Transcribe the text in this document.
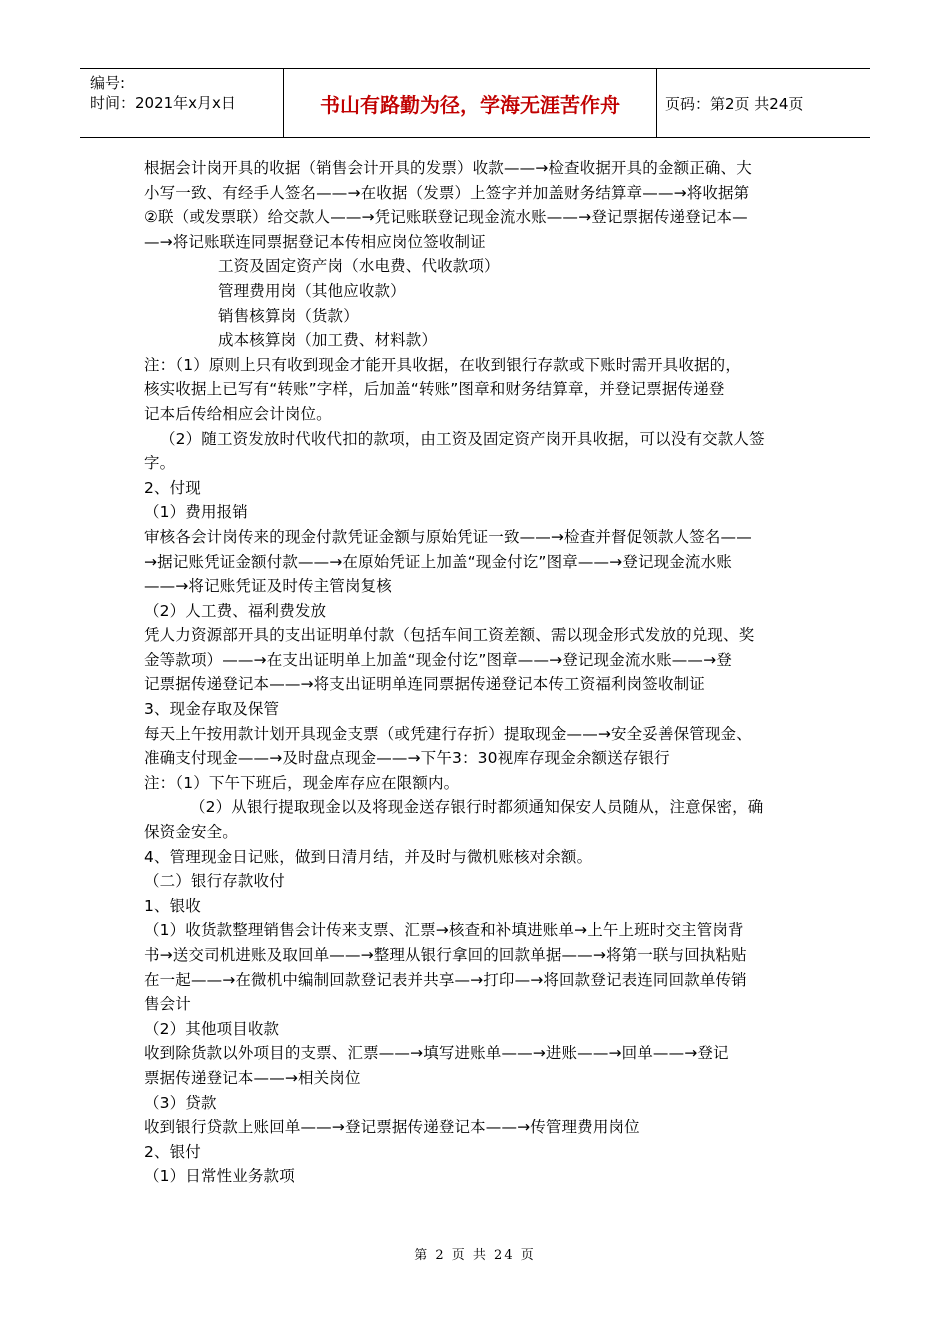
编号:
时间：2021年x月x日	书山有路勤为径，学海无涯苦作舟	页码：第2页 共24页
根据会计岗开具的收据（销售会计开具的发票）收款——→检查收据开具的金额正确、大
小写一致、有经手人签名——→在收据（发票）上签字并加盖财务结算章——→将收据第
②联（或发票联）给交款人——→凭记账联登记现金流水账——→登记票据传递登记本—
—→将记账联连同票据登记本传相应岗位签收制证
工资及固定资产岗（水电费、代收款项）
管理费用岗（其他应收款）
销售核算岗（货款）
成本核算岗（加工费、材料款）
注：（1）原则上只有收到现金才能开具收据，在收到银行存款或下账时需开具收据的，
核实收据上已写有“转账”字样，后加盖“转账”图章和财务结算章，并登记票据传递登
记本后传给相应会计岗位。
（2）随工资发放时代收代扣的款项，由工资及固定资产岗开具收据，可以没有交款人签
字。
2、付现
（1）费用报销
审核各会计岗传来的现金付款凭证金额与原始凭证一致——→检查并督促领款人签名——
→据记账凭证金额付款——→在原始凭证上加盖“现金付讫”图章——→登记现金流水账
——→将记账凭证及时传主管岗复核
（2）人工费、福利费发放
凭人力资源部开具的支出证明单付款（包括车间工资差额、需以现金形式发放的兑现、奖
金等款项）——→在支出证明单上加盖“现金付讫”图章——→登记现金流水账——→登
记票据传递登记本——→将支出证明单连同票据传递登记本传工资福利岗签收制证
3、现金存取及保管
每天上午按用款计划开具现金支票（或凭建行存折）提取现金——→安全妥善保管现金、
准确支付现金——→及时盘点现金——→下午3：30视库存现金余额送存银行
注：（1）下午下班后，现金库存应在限额内。
（2）从银行提取现金以及将现金送存银行时都须通知保安人员随从，注意保密，确
保资金安全。
4、管理现金日记账，做到日清月结，并及时与微机账核对余额。
（二）银行存款收付
1、银收
（1）收货款整理销售会计传来支票、汇票→核查和补填进账单→上午上班时交主管岗背
书→送交司机进账及取回单——→整理从银行拿回的回款单据——→将第一联与回执粘贴
在一起——→在微机中编制回款登记表并共享—→打印—→将回款登记表连同回款单传销
售会计
（2）其他项目收款
收到除货款以外项目的支票、汇票——→填写进账单——→进账——→回单——→登记
票据传递登记本——→相关岗位
（3）贷款
收到银行贷款上账回单——→登记票据传递登记本——→传管理费用岗位
2、银付
（1）日常性业务款项
第 2 页 共 24 页
